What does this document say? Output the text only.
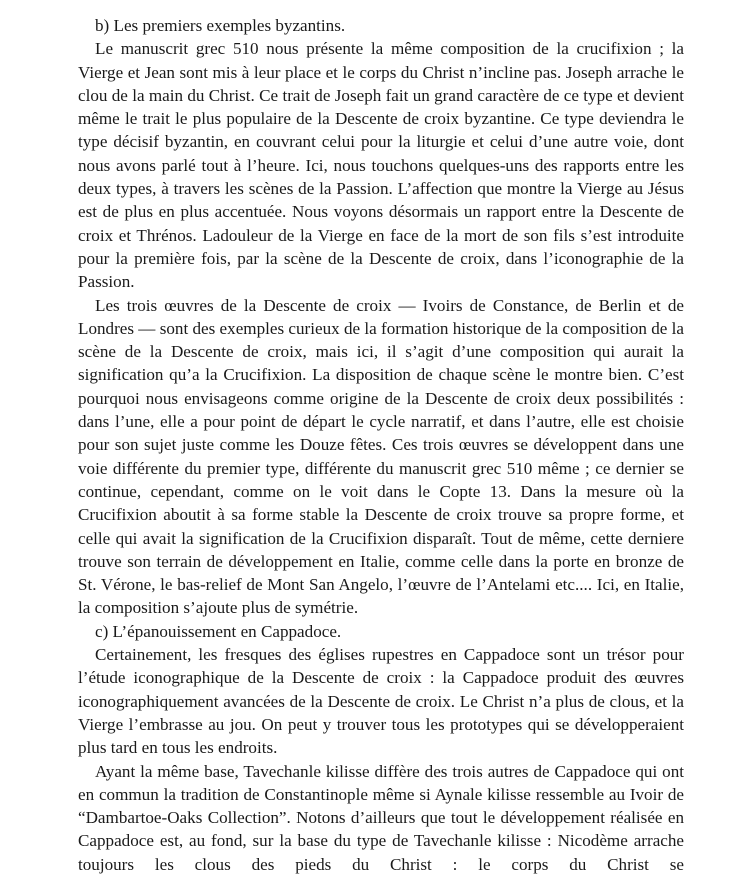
b) Les premiers exemples byzantins.

Le manuscrit grec 510 nous présente la même composition de la crucifixion ; la Vierge et Jean sont mis à leur place et le corps du Christ n’incline pas. Joseph arrache le clou de la main du Christ. Ce trait de Joseph fait un grand caractère de ce type et devient même le trait le plus populaire de la Descente de croix byzantine. Ce type deviendra le type décisif byzantin, en couvrant celui pour la liturgie et celui d’une autre voie, dont nous avons parlé tout à l’heure. Ici, nous touchons quelques-uns des rapports entre les deux types, à travers les scènes de la Passion. L’affection que montre la Vierge au Jésus est de plus en plus accentuée. Nous voyons désormais un rapport entre la Descente de croix et Thrénos. Ladouleur de la Vierge en face de la mort de son fils s’est introduite pour la première fois, par la scène de la Descente de croix, dans l’iconographie de la Passion.

Les trois œuvres de la Descente de croix — Ivoirs de Constance, de Berlin et de Londres — sont des exemples curieux de la formation historique de la composition de la scène de la Descente de croix, mais ici, il s’agit d’une composition qui aurait la signification qu’a la Crucifixion. La disposition de chaque scène le montre bien. C’est pourquoi nous envisageons comme origine de la Descente de croix deux possibilités : dans l’une, elle a pour point de départ le cycle narratif, et dans l’autre, elle est choisie pour son sujet juste comme les Douze fêtes. Ces trois œuvres se développent dans une voie différente du premier type, différente du manuscrit grec 510 même ; ce dernier se continue, cependant, comme on le voit dans le Copte 13. Dans la mesure où la Crucifixion aboutit à sa forme stable la Descente de croix trouve sa propre forme, et celle qui avait la signification de la Crucifixion disparaît. Tout de même, cette derniere trouve son terrain de développement en Italie, comme celle dans la porte en bronze de St. Vérone, le bas-relief de Mont San Angelo, l’œuvre de l’Antelami etc.... Ici, en Italie, la composition s’ajoute plus de symétrie.

c) L’épanouissement en Cappadoce.

Certainement, les fresques des églises rupestres en Cappadoce sont un trésor pour l’étude iconographique de la Descente de croix : la Cappadoce produit des œuvres iconographiquement avancées de la Descente de croix. Le Christ n’a plus de clous, et la Vierge l’embrasse au jou. On peut y trouver tous les prototypes qui se développeraient plus tard en tous les endroits.

Ayant la même base, Tavechanle kilisse diffère des trois autres de Cappadoce qui ont en commun la tradition de Constantinople même si Aynale kilisse ressemble au Ivoir de “Dambartoe-Oaks Collection”. Notons d’ailleurs que tout le développement réalisée en Cappadoce est, au fond, sur la base du type de Tavechanle kilisse : Nicodème arrache toujours les clous des pieds du Christ : le corps du Christ se
